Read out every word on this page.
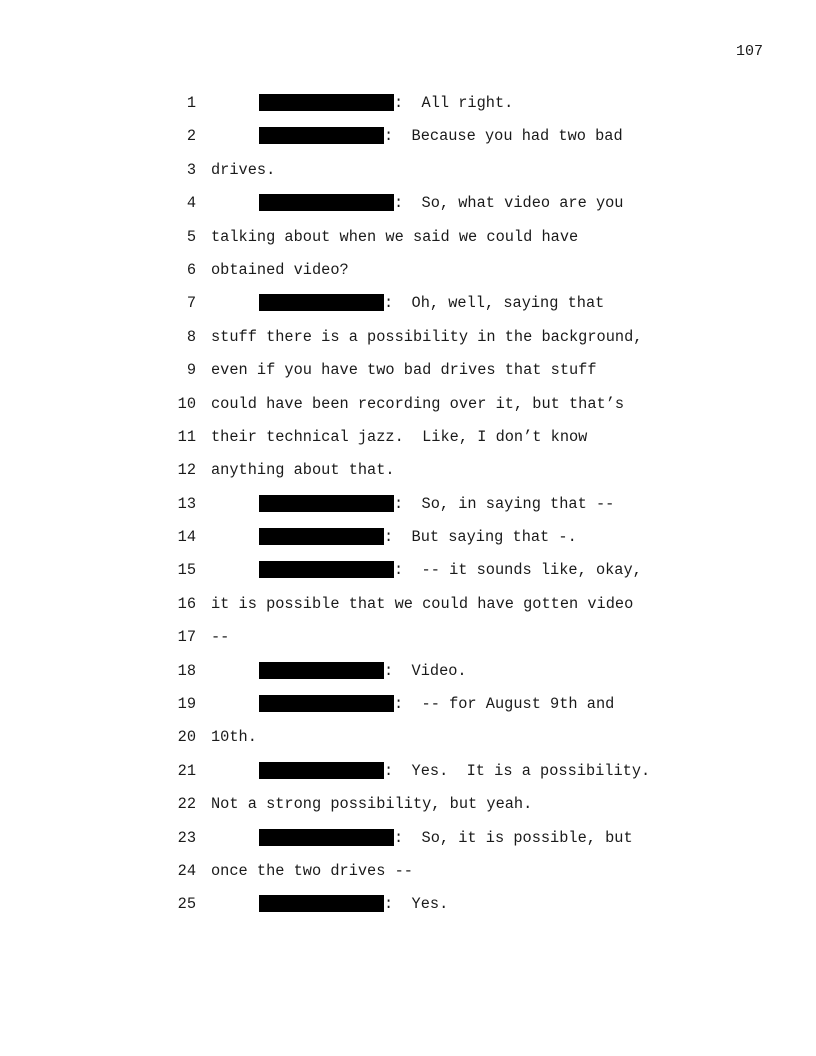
107
1	:  All right.
2	:  Because you had two bad
3 drives.
4	:  So, what video are you
5 talking about when we said we could have
6 obtained video?
7	:  Oh, well, saying that
8 stuff there is a possibility in the background,
9 even if you have two bad drives that stuff
10 could have been recording over it, but that’s
11 their technical jazz.  Like, I don’t know
12 anything about that.
13	:  So, in saying that --
14	:  But saying that -.
15	:  -- it sounds like, okay,
16 it is possible that we could have gotten video
17 --
18	:  Video.
19	:  -- for August 9th and
20 10th.
21	:  Yes.  It is a possibility.
22 Not a strong possibility, but yeah.
23	:  So, it is possible, but
24 once the two drives --
25	:  Yes.
